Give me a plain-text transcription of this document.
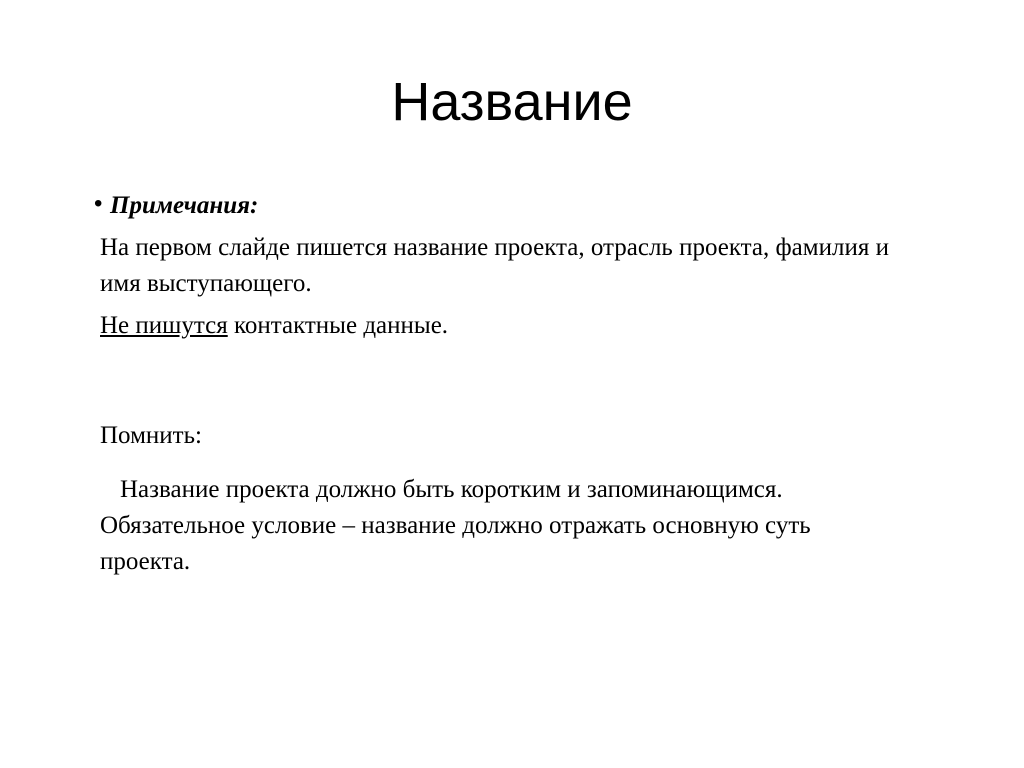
Название
• Примечания:
На первом слайде пишется название проекта, отрасль проекта, фамилия и имя выступающего.
Не пишутся контактные данные.
Помнить:
Название проекта должно быть коротким и запоминающимся.
Обязательное условие – название должно отражать основную суть проекта.
